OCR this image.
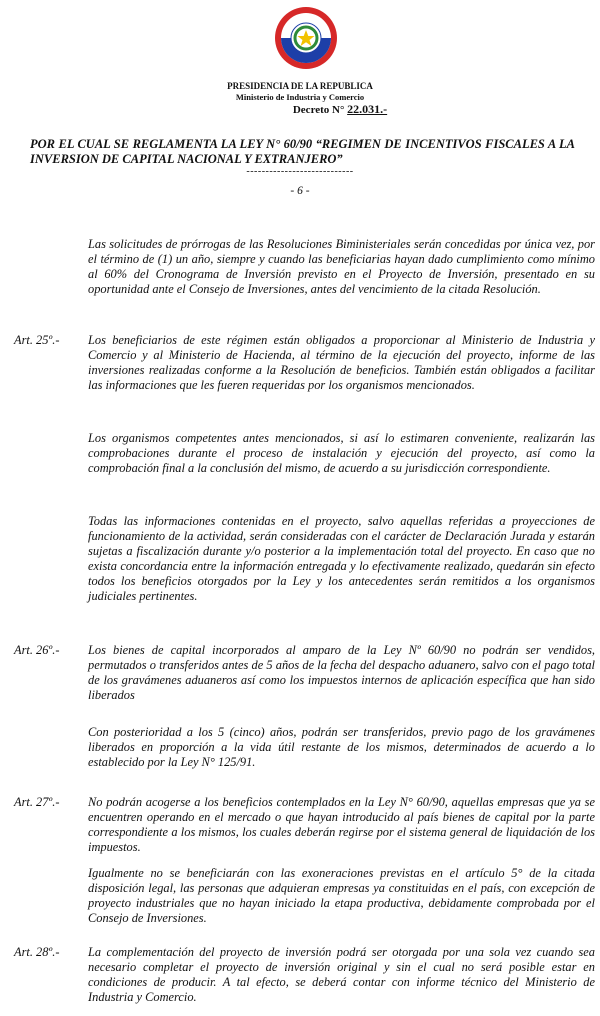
PRESIDENCIA DE LA REPUBLICA
Ministerio de Industria y Comercio
Decreto N° 22.031.-
POR EL CUAL SE REGLAMENTA LA LEY N° 60/90 “REGIMEN DE INCENTIVOS FISCALES A LA INVERSION DE CAPITAL NACIONAL Y EXTRANJERO”
----------------------------
- 6 -
Las solicitudes de prórrogas de las Resoluciones Biministeriales serán concedidas por única vez, por el término de (1) un año, siempre y cuando las beneficiarias hayan dado cumplimiento como mínimo al 60% del Cronograma de Inversión previsto en el Proyecto de Inversión, presentado en su oportunidad ante el Consejo de Inversiones, antes del vencimiento de la citada Resolución.
Art. 25º.- Los beneficiarios de este régimen están obligados a proporcionar al Ministerio de Industria y Comercio y al Ministerio de Hacienda, al término de la ejecución del proyecto, informe de las inversiones realizadas conforme a la Resolución de beneficios. También están obligados a facilitar las informaciones que les fueren requeridas por los organismos mencionados.
Los organismos competentes antes mencionados, si así lo estimaren conveniente, realizarán las comprobaciones durante el proceso de instalación y ejecución del proyecto, así como la comprobación final a la conclusión del mismo, de acuerdo a su jurisdicción correspondiente.
Todas las informaciones contenidas en el proyecto, salvo aquellas referidas a proyecciones de funcionamiento de la actividad, serán consideradas con el carácter de Declaración Jurada y estarán sujetas a fiscalización durante y/o posterior a la implementación total del proyecto. En caso que no exista concordancia entre la información entregada y lo efectivamente realizado, quedarán sin efecto todos los beneficios otorgados por la Ley y los antecedentes serán remitidos a los organismos judiciales pertinentes.
Art. 26º.- Los bienes de capital incorporados al amparo de la Ley Nº 60/90 no podrán ser vendidos, permutados o transferidos antes de 5 años de la fecha del despacho aduanero, salvo con el pago total de los gravámenes aduaneros así como los impuestos internos de aplicación específica que han sido liberados
Con posterioridad a los 5 (cinco) años, podrán ser transferidos, previo pago de los gravámenes liberados en proporción a la vida útil restante de los mismos, determinados de acuerdo a lo establecido por la Ley N° 125/91.
Art. 27º.- No podrán acogerse a los beneficios contemplados en la Ley N° 60/90, aquellas empresas que ya se encuentren operando en el mercado o que hayan introducido al país bienes de capital por la parte correspondiente a los mismos, los cuales deberán regirse por el sistema general de liquidación de los impuestos.
Igualmente no se beneficiarán con las exoneraciones previstas en el artículo 5° de la citada disposición legal, las personas que adquieran empresas ya constituidas en el país, con excepción de proyecto industriales que no hayan iniciado la etapa productiva, debidamente comprobada por el Consejo de Inversiones.
Art. 28º.- La complementación del proyecto de inversión podrá ser otorgada por una sola vez cuando sea necesario completar el proyecto de inversión original y sin el cual no será posible estar en condiciones de producir. A tal efecto, se deberá contar con informe técnico del Ministerio de Industria y Comercio.
